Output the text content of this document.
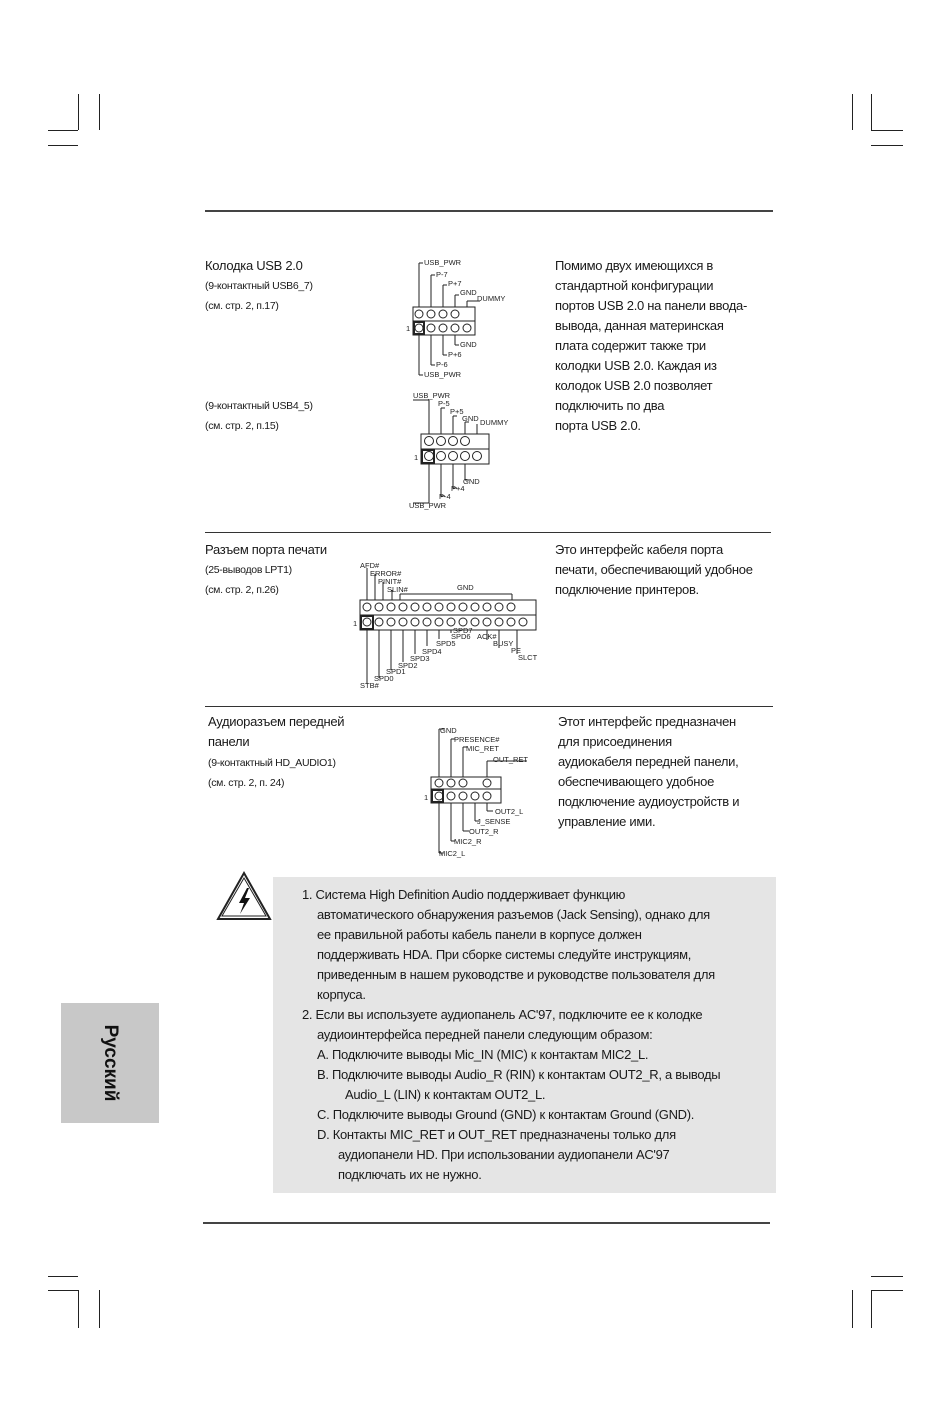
Колодка USB 2.0
(9-контактный USB6_7)
(см. стр. 2, п.17)
(9-контактный USB4_5)
(см. стр. 2, п.15)
Помимо двух имеющихся в
стандартной конфигурации
портов USB 2.0 на панели ввода-
вывода, данная материнская
плата содержит также три
колодки USB 2.0. Каждая из
колодок USB 2.0 позволяет
подключить по два
порта USB 2.0.
USB_PWR
P-7
P+7
GND
DUMMY
1
GND
P+6
P-6
USB_PWR
USB_PWR
P-5
P+5
GND DUMMY
1
GND
P+4
P-4
USB_PWR
Разъем порта печати
(25-выводов LPT1)
(см. стр. 2, п.26)
Это интерфейс кабеля порта
печати, обеспечивающий удобное
подключение принтеров.
AFD#
ERROR#
PINIT#
SLIN#	GND
1
SPD7
SPD6 ACK#
SPD5	BUSY
SPD4	PE
SPD3	SLCT
SPD2
SPD1
SPD0
STB#
Аудиоразъем передней
панели
(9-контактный HD_AUDIO1)
(см. стр. 2, п. 24)
Этот интерфейс предназначен
для присоединения
аудиокабеля передней панели,
обеспечивающего удобное
подключение аудиоустройств и
управление ими.
GND
PRESENCE#
MIC_RET
OUT_RET
1
OUT2_L
J_SENSE
OUT2_R
MIC2_R
MIC2_L
1. Система High Definition Audio поддерживает функцию
автоматического обнаружения разъемов (Jack Sensing), однако для
ее правильной работы кабель панели в корпусе должен
поддерживать HDA. При сборке системы следуйте инструкциям,
приведенным в нашем руководстве и руководстве пользователя для
корпуса.
2. Если вы используете аудиопанель AC'97, подключите ее к колодке
аудиоинтерфейса передней панели следующим образом:
A. Подключите выводы Mic_IN (MIC) к контактам MIC2_L.
B. Подключите выводы Audio_R (RIN) к контактам OUT2_R, а выводы
Audio_L (LIN) к контактам OUT2_L.
C. Подключите выводы Ground (GND) к контактам Ground (GND).
D. Контакты MIC_RET и OUT_RET предназначены только для
аудиопанели HD. При использовании аудиопанели AC'97
подключать их не нужно.
Русский
